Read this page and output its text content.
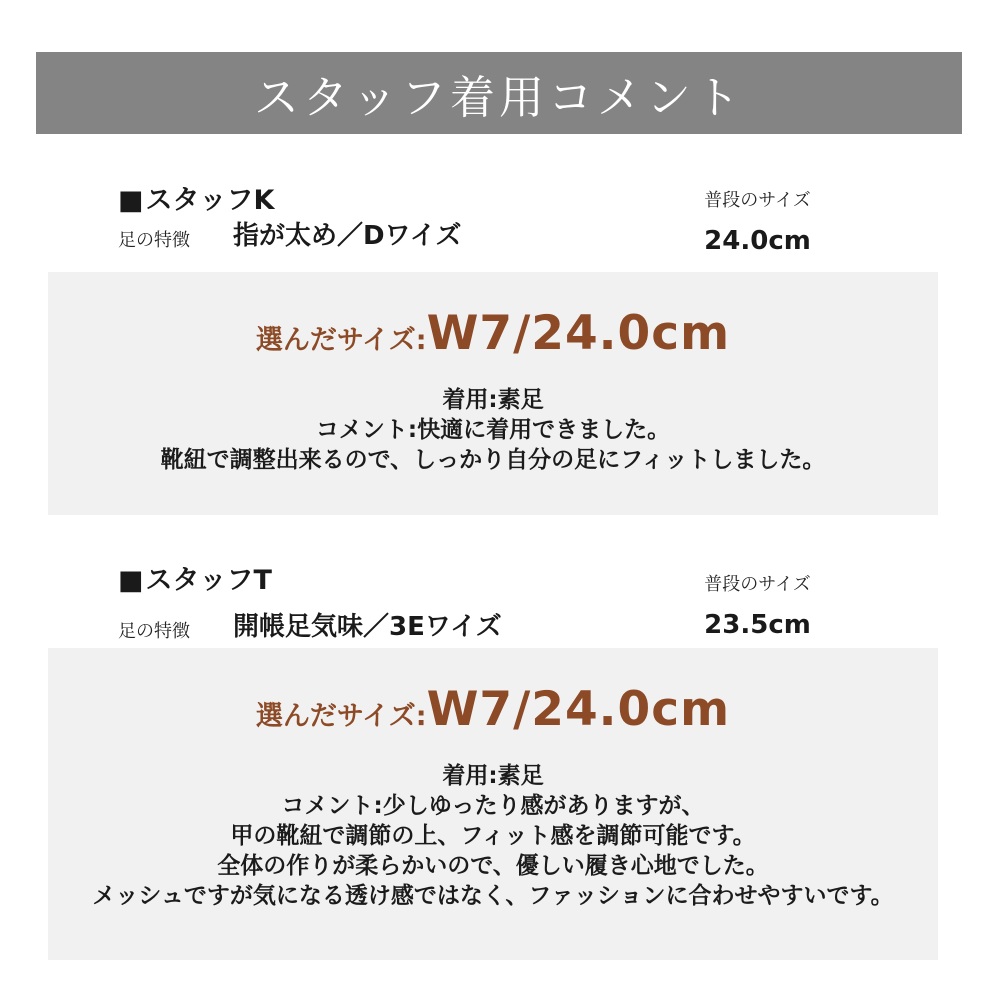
スタッフ着用コメント
■スタッフK
足の特徴 指が太め／Dワイズ
普段のサイズ
24.0cm
選んだサイズ: W7/24.0cm
着用:素足
コメント:快適に着用できました。
靴紐で調整出来るので、しっかり自分の足にフィットしました。
■スタッフT
足の特徴 開帳足気味／3Eワイズ
普段のサイズ
23.5cm
選んだサイズ: W7/24.0cm
着用:素足
コメント:少しゆったり感がありますが、
甲の靴紐で調節の上、フィット感を調節可能です。
全体の作りが柔らかいので、優しい履き心地でした。
メッシュですが気になる透け感ではなく、ファッションに合わせやすいです。
